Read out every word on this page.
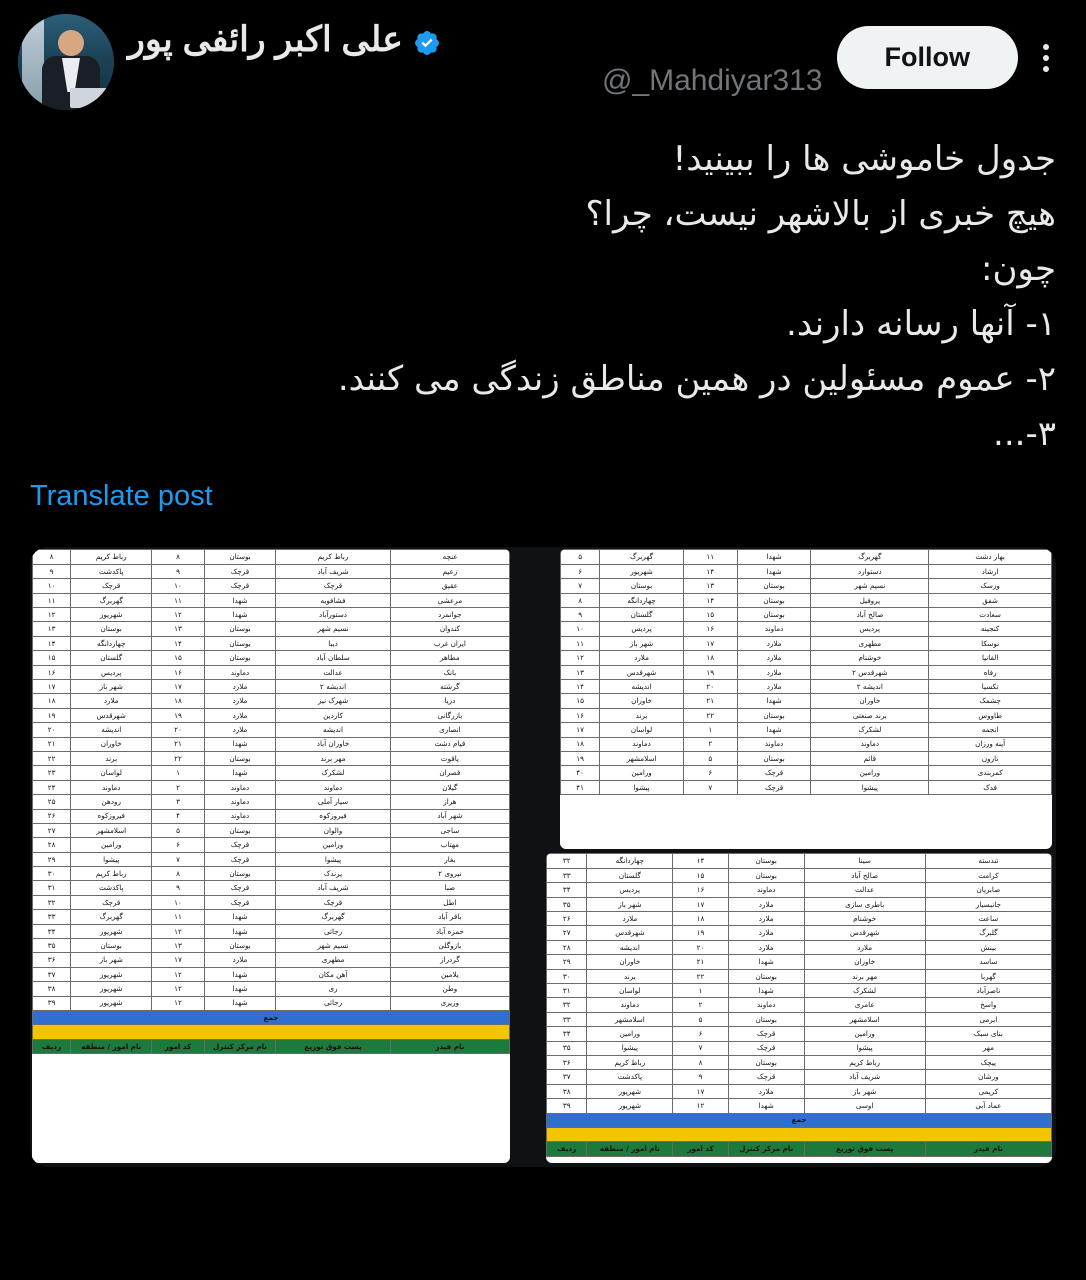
علی اکبر رائفی پور
@_Mahdiyar313
Follow
جدول خاموشی ها را ببینید!
هیچ خبری از بالاشهر نیست، چرا؟
چون:
۱- آنها رسانه دارند.
۲- عموم مسئولین در همین مناطق زندگی می کنند.
۳-...
Translate post
غنچه	رباط کریم	بوستان	۸	رباط کریم	۸
زعیم	شریف آباد	قرچک	۹	پاکدشت	۹
عقیق	قرچک	قرچک	۱۰	قرچک	۱۰
مرعشی	فشافویه	شهدا	۱۱	گهربرگ	۱۱
جوانمرد	دستورآباد	شهدا	۱۲	شهریور	۱۲
کندوان	نسیم شهر	بوستان	۱۳	بوستان	۱۳
ایران غرب	دیبا	بوستان	۱۴	چهاردانگه	۱۴
مطاهر	سلطان آباد	بوستان	۱۵	گلستان	۱۵
بانک	عدالت	دماوند	۱۶	پردیس	۱۶
گرشته	اندیشه ۲	ملارد	۱۷	شهر باز	۱۷
دریا	شهرک نیز	ملارد	۱۸	ملارد	۱۸
بازرگانی	کاردین	ملارد	۱۹	شهرقدس	۱۹
انصاری	اندیشه	ملارد	۲۰	اندیشه	۲۰
قیام دشت	خاوران آباد	شهدا	۲۱	خاوران	۲۱
پاقوت	مهر برند	بوستان	۲۲	برند	۲۲
قصران	لشکرک	شهدا	۱	لواسان	۲۳
گیلان	دماوند	دماوند	۲	دماوند	۲۴
هراز	سیار آملی	دماوند	۳	رودهن	۲۵
شهر آباد	فیروزکوه	دماوند	۴	فیروزکوه	۲۶
ساجی	والوان	بوستان	۵	اسلامشهر	۲۷
مهتاب	ورامین	قرچک	۶	ورامین	۲۸
بغار	پیشوا	قرچک	۷	پیشوا	۲۹
نیروی ۲	پرندک	بوستان	۸	رباط کریم	۳۰
صبا	شریف آباد	قرچک	۹	پاکدشت	۳۱
اطل	قرچک	قرچک	۱۰	قرچک	۳۲
باقر آباد	گهربرگ	شهدا	۱۱	گهربرگ	۳۳
حمزه آباد	رجائی	شهدا	۱۲	شهریور	۳۴
بازوگلی	نسیم شهر	بوستان	۱۳	بوستان	۳۵
گردراز	مطهری	ملارد	۱۷	شهر باز	۳۶
یلامین	آهن مکان	شهدا	۱۲	شهریور	۳۷
وطن	ری	شهدا	۱۲	شهریور	۳۸
وزیری	رجائی	شهدا	۱۲	شهریور	۳۹
جمع					

نام فیدر	پست فوق توزیع	نام مرکز کنترل	کد امور	نام امور / منطقه	ردیف
بهار دشت	گهربرگ	شهدا	۱۱	گهربرگ	۵
ارشاد	دستوارد	شهدا	۱۴	شهریور	۶
ورسک	نسیم شهر	بوستان	۱۳	بوستان	۷
شفق	پروفیل	بوستان	۱۴	چهاردانگه	۸
سعادت	صالح آباد	بوستان	۱۵	گلستان	۹
کنجینه	پردیس	دماوند	۱۶	پردیس	۱۰
نوسکا	مطهری	ملارد	۱۷	شهر باز	۱۱
الفانیا	خوشنام	ملارد	۱۸	ملارد	۱۲
رفاه	شهرقدس ۲	ملارد	۱۹	شهرقدس	۱۳
تکسیا	اندیشه ۲	ملارد	۲۰	اندیشه	۱۴
چشمک	خاوران	شهدا	۲۱	خاوران	۱۵
طاووس	برند صنعتی	بوستان	۲۲	برند	۱۶
انجمه	لشکرک	شهدا	۱	لواسان	۱۷
آینه ورزان	دماوند	دماوند	۲	دماوند	۱۸
نارون	قائم	بوستان	۵	اسلامشهر	۱۹
کمربندی	ورامین	قرچک	۶	ورامین	۴۰
فدک	پیشوا	قرچک	۷	پیشوا	۴۱
تندسته	سینا	بوستان	۱۴	چهاردانگه	۳۲
کرامت	صالح آباد	بوستان	۱۵	گلستان	۳۳
صابریان	عدالت	دماوند	۱۶	پردیس	۳۴
جانبسیار	باطری سازی	ملارد	۱۷	شهر باز	۳۵
ساعت	خوشنام	ملارد	۱۸	ملارد	۲۶
گلبرگ	شهرقدس	ملارد	۱۹	شهرقدس	۲۷
بینش	ملارد	ملارد	۲۰	اندیشه	۲۸
ساسد	خاوران	شهدا	۲۱	خاوران	۲۹
گهربا	مهر برند	بوستان	۲۲	برند	۳۰
ناصرآباد	لشکرک	شهدا	۱	لواسان	۳۱
واسخ	عامری	دماوند	۲	دماوند	۳۲
ابرمی	اسلامشهر	بوستان	۵	اسلامشهر	۳۳
بنای سبک	ورامین	قرچک	۶	ورامین	۳۴
مهر	پیشوا	قرچک	۷	پیشوا	۳۵
پیچک	رباط کریم	بوستان	۸	رباط کریم	۳۶
ورشان	شریف آباد	قرچک	۹	پاکدشت	۳۷
کریمی	شهر باز	ملارد	۱۷	شهریور	۳۸
عماد آبی	اوسی	شهدا	۱۲	شهریور	۳۹
جمع					

نام فیدر	پست فوق توزیع	نام مرکز کنترل	کد امور	نام امور / منطقه	ردیف
